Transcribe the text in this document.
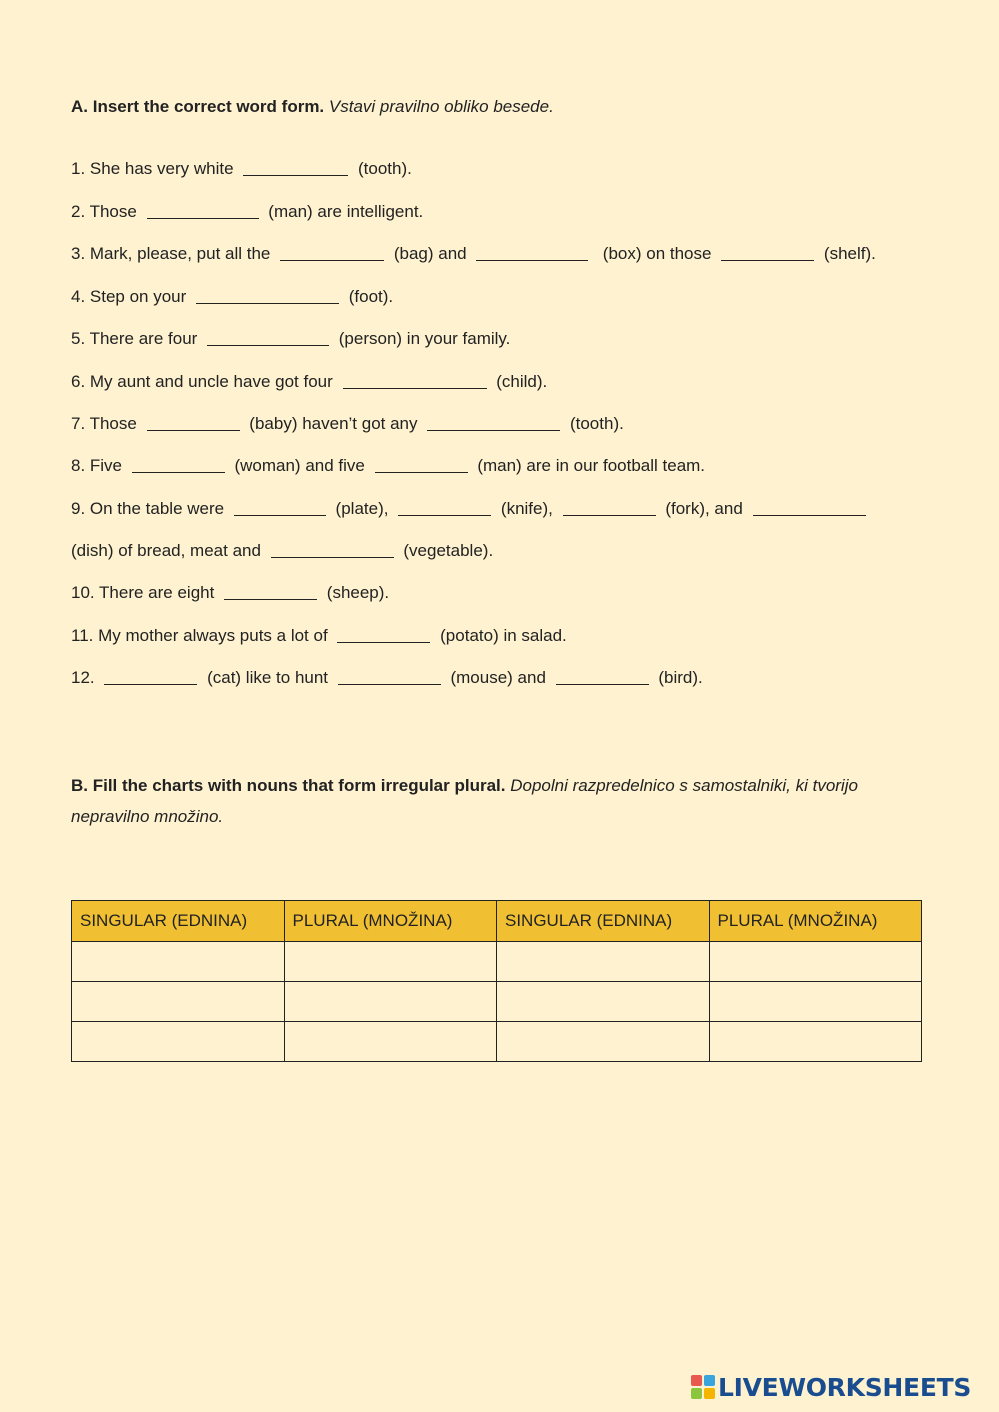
A. Insert the correct word form. Vstavi pravilno obliko besede.
1. She has very white	(tooth).
2. Those	(man) are intelligent.
3. Mark, please, put all the	(bag) and	(box) on those	(shelf).
4. Step on your	(foot).
5. There are four	(person) in your family.
6. My aunt and uncle have got four	(child).
7. Those	(baby) haven’t got any	(tooth).
8. Five	(woman) and five	(man) are in our football team.
9. On the table were	(plate),	(knife),	(fork), and
(dish) of bread, meat and	(vegetable).
10. There are eight	(sheep).
11. My mother always puts a lot of	(potato) in salad.
12.	(cat) like to hunt	(mouse) and	(bird).
B. Fill the charts with nouns that form irregular plural. Dopolni razpredelnico s samostalniki, ki tvorijo nepravilno množino.
SINGULAR (EDNINA)	PLURAL (MNOŽINA)	SINGULAR (EDNINA)	PLURAL (MNOŽINA)

LIVEWORKSHEETS
